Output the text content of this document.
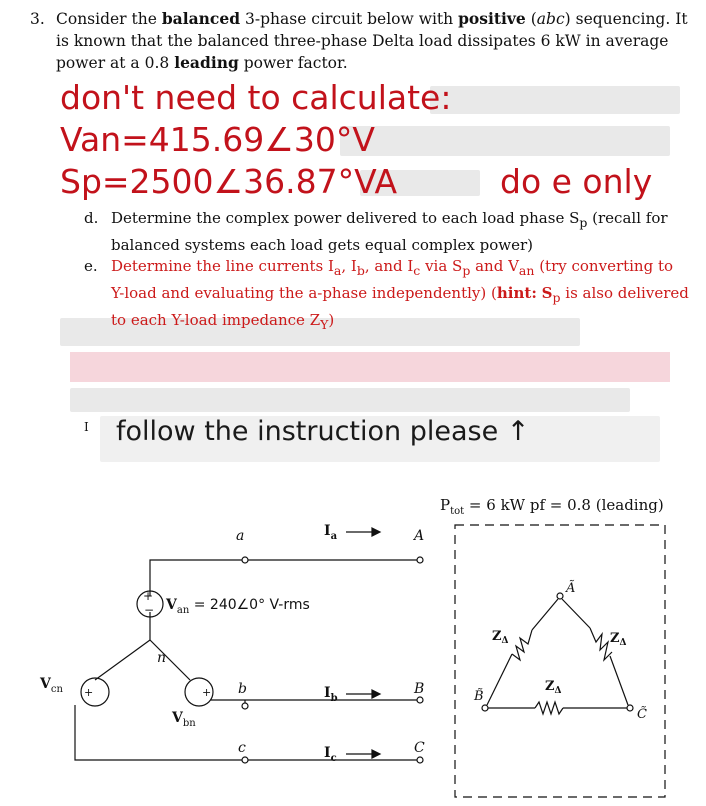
3. Consider the balanced 3-phase circuit below with positive (abc) sequencing. It is known that the balanced three-phase Delta load dissipates 6 kW in average power at a 0.8 leading power factor.
don't need to calculate:
Van=415.69∠30°V
Sp=2500∠36.87°VA	do e only
d. Determine the complex power delivered to each load phase $S_p$ (recall for balanced systems each load gets equal complex power)
e. Determine the line currents $I_a$, $I_b$, and $I_c$ via $S_p$ and $V_{an}$ (try converting to Y-load and evaluating the a-phase independently) (hint: $S_p$ is also delivered to each Y-load impedance $Z_Y$)
I follow the instruction please ↑
$P_{tot} = 6$ kW pf = 0.8 (leading)
+
−
+	+
$V_{an}$ = 240∠0° V-rms
$V_{cn}$
$V_{bn}$
a
b
c
n
$I_a$
$I_b$
$I_c$
A
B
C
Ã
B̃
C̃
$Z_\Delta$	$Z_\Delta$
$Z_\Delta$
